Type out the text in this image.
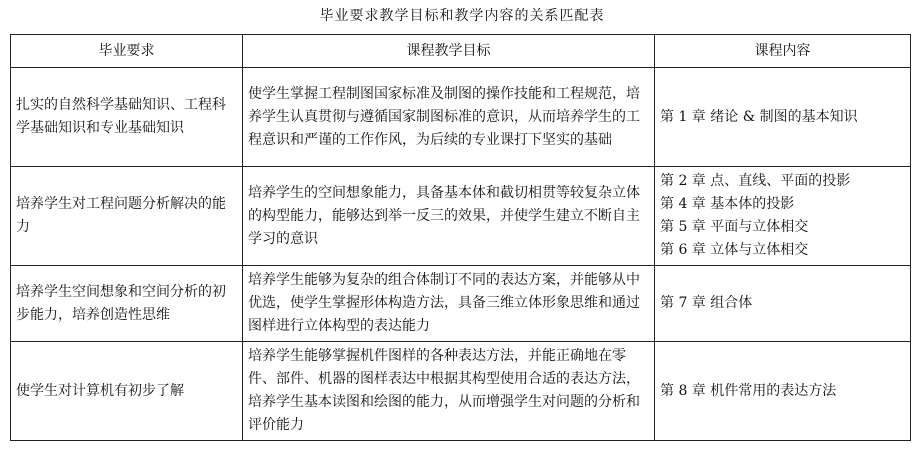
毕业要求教学目标和教学内容的关系匹配表
毕业要求	课程教学目标	课程内容
扎实的自然科学基础知识、工程科学基础知识和专业基础知识	使学生掌握工程制图国家标准及制图的操作技能和工程规范，培养学生认真贯彻与遵循国家制图标准的意识，从而培养学生的工程意识和严谨的工作作风，为后续的专业课打下坚实的基础	第 1 章 绪论 & 制图的基本知识

培养学生对工程问题分析解决的能力	培养学生的空间想象能力，具备基本体和截切相贯等较复杂立体的构型能力，能够达到举一反三的效果，并使学生建立不断自主学习的意识	第 2 章 点、直线、平面的投影
第 4 章 基本体的投影
第 5 章 平面与立体相交
第 6 章 立体与立体相交

培养学生空间想象和空间分析的初步能力，培养创造性思维	培养学生能够为复杂的组合体制订不同的表达方案，并能够从中优选，使学生掌握形体构造方法，具备三维立体形象思维和通过图样进行立体构型的表达能力	第 7 章 组合体

使学生对计算机有初步了解	培养学生能够掌握机件图样的各种表达方法，并能正确地在零件、部件、机器的图样表达中根据其构型使用合适的表达方法，培养学生基本读图和绘图的能力，从而增强学生对问题的分析和评价能力	第 8 章 机件常用的表达方法
